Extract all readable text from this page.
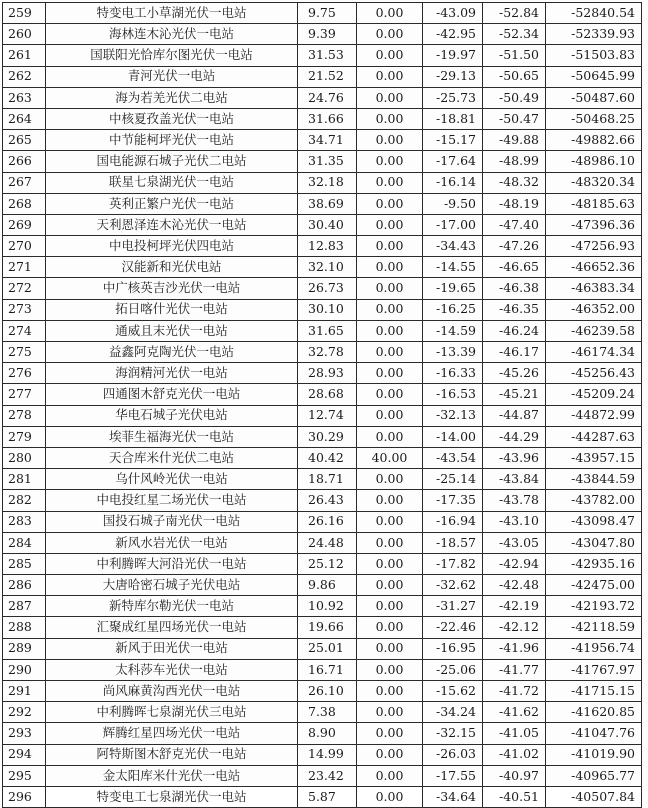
259	特变电工小草湖光伏一电站	9.75	0.00	-43.09	-52.84	-52840.54
260	海林连木沁光伏一电站	9.39	0.00	-42.95	-52.34	-52339.93
261	国联阳光恰库尔图光伏一电站	31.53	0.00	-19.97	-51.50	-51503.83
262	青河光伏一电站	21.52	0.00	-29.13	-50.65	-50645.99
263	海为若羌光伏二电站	24.76	0.00	-25.73	-50.49	-50487.60
264	中核夏孜盖光伏一电站	31.66	0.00	-18.81	-50.47	-50468.25
265	中节能柯坪光伏一电站	34.71	0.00	-15.17	-49.88	-49882.66
266	国电能源石城子光伏二电站	31.35	0.00	-17.64	-48.99	-48986.10
267	联星七泉湖光伏一电站	32.18	0.00	-16.14	-48.32	-48320.34
268	英利正繁户光伏一电站	38.69	0.00	-9.50	-48.19	-48185.63
269	天利恩泽连木沁光伏一电站	30.40	0.00	-17.00	-47.40	-47396.36
270	中电投柯坪光伏四电站	12.83	0.00	-34.43	-47.26	-47256.93
271	汉能新和光伏电站	32.10	0.00	-14.55	-46.65	-46652.36
272	中广核英吉沙光伏一电站	26.73	0.00	-19.65	-46.38	-46383.34
273	拓日喀什光伏一电站	30.10	0.00	-16.25	-46.35	-46352.00
274	通威且末光伏一电站	31.65	0.00	-14.59	-46.24	-46239.58
275	益鑫阿克陶光伏一电站	32.78	0.00	-13.39	-46.17	-46174.34
276	海润精河光伏一电站	28.93	0.00	-16.33	-45.26	-45256.43
277	四通图木舒克光伏一电站	28.68	0.00	-16.53	-45.21	-45209.24
278	华电石城子光伏电站	12.74	0.00	-32.13	-44.87	-44872.99
279	埃菲生福海光伏一电站	30.29	0.00	-14.00	-44.29	-44287.63
280	天合库米什光伏二电站	40.42	40.00	-43.54	-43.96	-43957.15
281	乌什风岭光伏一电站	18.71	0.00	-25.14	-43.84	-43844.59
282	中电投红星二场光伏一电站	26.43	0.00	-17.35	-43.78	-43782.00
283	国投石城子南光伏一电站	26.16	0.00	-16.94	-43.10	-43098.47
284	新风水岩光伏一电站	24.48	0.00	-18.57	-43.05	-43047.80
285	中利腾晖大河沿光伏一电站	25.12	0.00	-17.82	-42.94	-42935.16
286	大唐哈密石城子光伏电站	9.86	0.00	-32.62	-42.48	-42475.00
287	新特库尔勒光伏一电站	10.92	0.00	-31.27	-42.19	-42193.72
288	汇聚成红星四场光伏一电站	19.66	0.00	-22.46	-42.12	-42118.59
289	新风于田光伏一电站	25.01	0.00	-16.95	-41.96	-41956.74
290	太科莎车光伏一电站	16.71	0.00	-25.06	-41.77	-41767.97
291	尚风麻黄沟西光伏一电站	26.10	0.00	-15.62	-41.72	-41715.15
292	中利腾晖七泉湖光伏三电站	7.38	0.00	-34.24	-41.62	-41620.85
293	辉腾红星四场光伏一电站	8.90	0.00	-32.15	-41.05	-41047.76
294	阿特斯图木舒克光伏一电站	14.99	0.00	-26.03	-41.02	-41019.90
295	金太阳库米什光伏一电站	23.42	0.00	-17.55	-40.97	-40965.77
296	特变电工七泉湖光伏一电站	5.87	0.00	-34.64	-40.51	-40507.84
